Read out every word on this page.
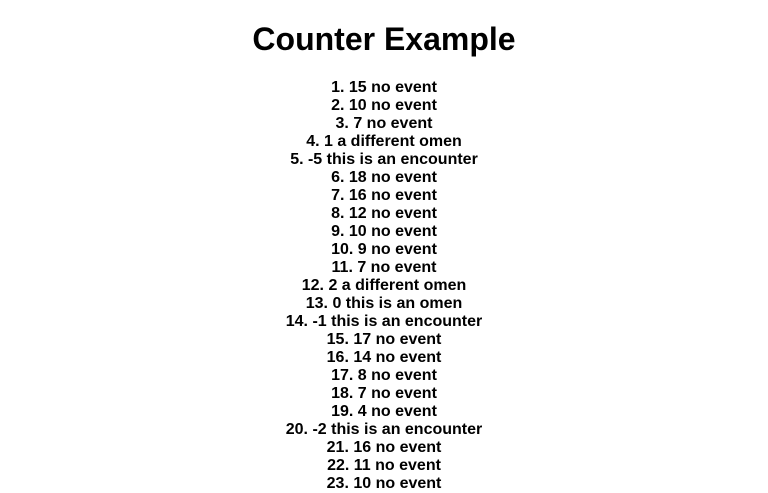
Counter Example
1. 15 no event
2. 10 no event
3. 7 no event
4. 1 a different omen
5. -5 this is an encounter
6. 18 no event
7. 16 no event
8. 12 no event
9. 10 no event
10. 9 no event
11. 7 no event
12. 2 a different omen
13. 0 this is an omen
14. -1 this is an encounter
15. 17 no event
16. 14 no event
17. 8 no event
18. 7 no event
19. 4 no event
20. -2 this is an encounter
21. 16 no event
22. 11 no event
23. 10 no event
